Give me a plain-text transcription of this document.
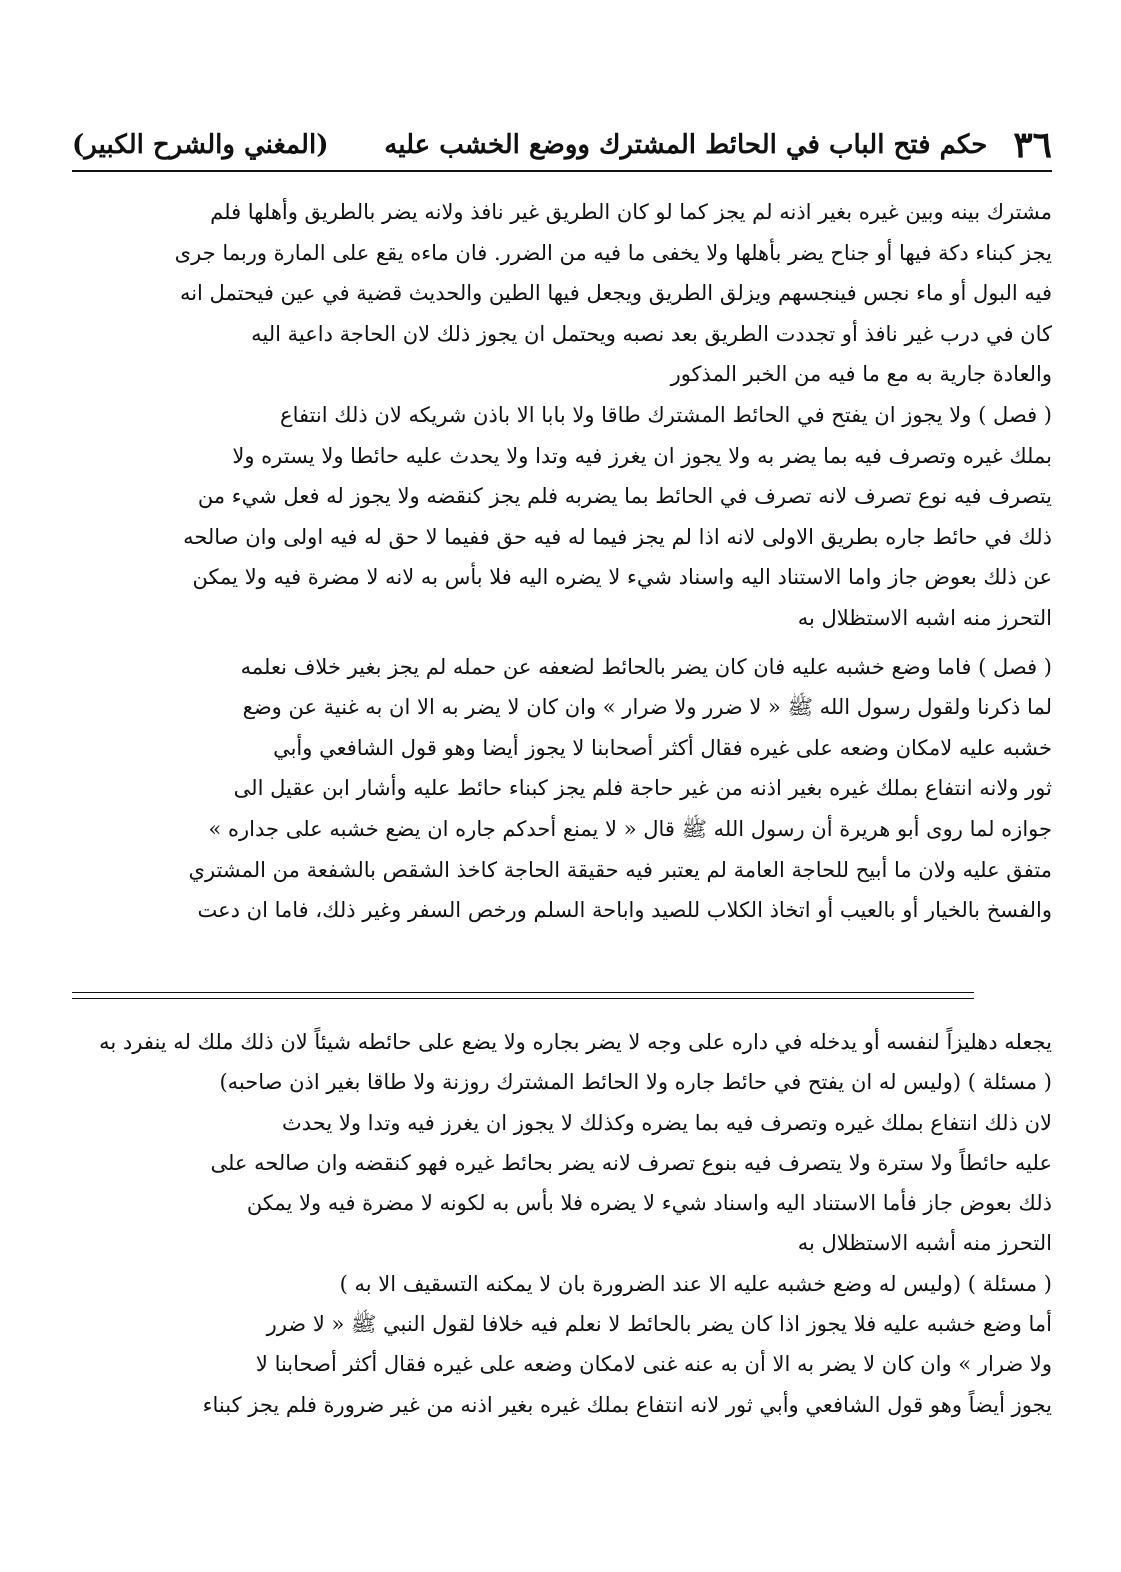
٣٦
حكم فتح الباب في الحائط المشترك ووضع الخشب عليه
(المغني والشرح الكبير)

مشترك بينه وبين غيره بغير اذنه لم يجز كما لو كان الطريق غير نافذ ولانه يضر بالطريق وأهلها فلم

يجز كبناء دكة فيها أو جناح يضر بأهلها ولا يخفى ما فيه من الضرر. فان ماءه يقع على المارة وربما جرى

فيه البول أو ماء نجس فينجسهم ويزلق الطريق ويجعل فيها الطين والحديث قضية في عين فيحتمل انه

كان في درب غير نافذ أو تجددت الطريق بعد نصبه ويحتمل ان يجوز ذلك لان الحاجة داعية اليه

والعادة جارية به مع ما فيه من الخبر المذكور

( فصل ) ولا يجوز ان يفتح في الحائط المشترك طاقا ولا بابا الا باذن شريكه لان ذلك انتفاع

بملك غيره وتصرف فيه بما يضر به ولا يجوز ان يغرز فيه وتدا ولا يحدث عليه حائطا ولا يستره ولا

يتصرف فيه نوع تصرف لانه تصرف في الحائط بما يضربه فلم يجز كنقضه ولا يجوز له فعل شيء من

ذلك في حائط جاره بطريق الاولى لانه اذا لم يجز فيما له فيه حق ففيما لا حق له فيه اولى وان صالحه

عن ذلك بعوض جاز واما الاستناد اليه واسناد شيء لا يضره اليه فلا بأس به لانه لا مضرة فيه ولا يمكن

التحرز منه اشبه الاستظلال به

( فصل ) فاما وضع خشبه عليه فان كان يضر بالحائط لضعفه عن حمله لم يجز بغير خلاف نعلمه

لما ذكرنا ولقول رسول الله ﷺ « لا ضرر ولا ضرار » وان كان لا يضر به الا ان به غنية عن وضع

خشبه عليه لامكان وضعه على غيره فقال أكثر أصحابنا لا يجوز أيضا وهو قول الشافعي وأبي

ثور ولانه انتفاع بملك غيره بغير اذنه من غير حاجة فلم يجز كبناء حائط عليه وأشار ابن عقيل الى

جوازه لما روى أبو هريرة أن رسول الله ﷺ قال « لا يمنع أحدكم جاره ان يضع خشبه على جداره »

متفق عليه ولان ما أبيح للحاجة العامة لم يعتبر فيه حقيقة الحاجة كاخذ الشقص بالشفعة من المشتري

والفسخ بالخيار أو بالعيب أو اتخاذ الكلاب للصيد واباحة السلم ورخص السفر وغير ذلك، فاما ان دعت

يجعله دهليزاً لنفسه أو يدخله في داره على وجه لا يضر بجاره ولا يضع على حائطه شيئاً لان ذلك ملك له ينفرد به

( مسئلة ) (وليس له ان يفتح في حائط جاره ولا الحائط المشترك روزنة ولا طاقا بغير اذن صاحبه)

لان ذلك انتفاع بملك غيره وتصرف فيه بما يضره وكذلك لا يجوز ان يغرز فيه وتدا ولا يحدث

عليه حائطاً ولا سترة ولا يتصرف فيه بنوع تصرف لانه يضر بحائط غيره فهو كنقضه وان صالحه على

ذلك بعوض جاز فأما الاستناد اليه واسناد شيء لا يضره فلا بأس به لكونه لا مضرة فيه ولا يمكن

التحرز منه أشبه الاستظلال به

( مسئلة ) (وليس له وضع خشبه عليه الا عند الضرورة بان لا يمكنه التسقيف الا به )

أما وضع خشبه عليه فلا يجوز اذا كان يضر بالحائط لا نعلم فيه خلافا لقول النبي ﷺ « لا ضرر

ولا ضرار » وان كان لا يضر به الا أن به عنه غنى لامكان وضعه على غيره فقال أكثر أصحابنا لا

يجوز أيضاً وهو قول الشافعي وأبي ثور لانه انتفاع بملك غيره بغير اذنه من غير ضرورة فلم يجز كبناء
